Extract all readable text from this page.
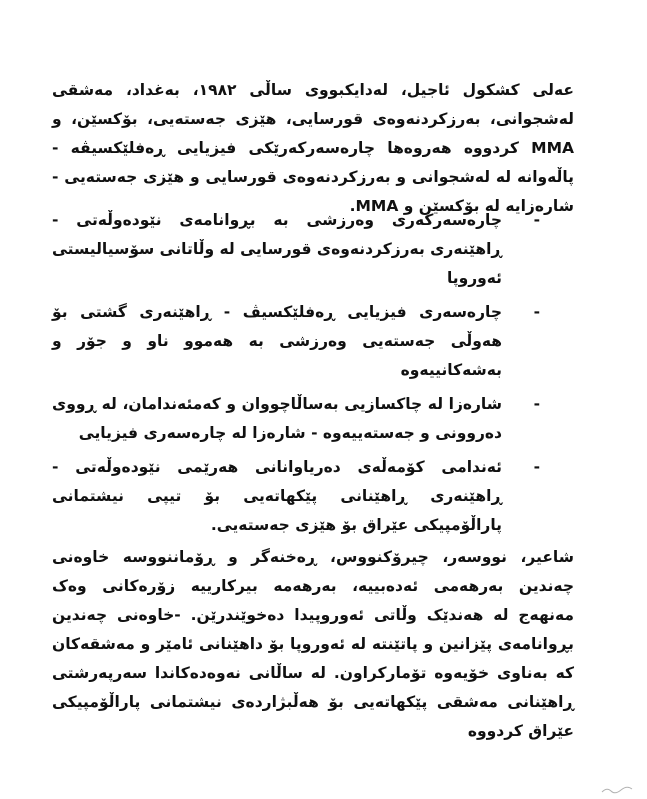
عەلی کشکول ئاجیل، لەدایکبووی ساڵی ١٩٨٢، بەغداد، مەشقی لەشجوانی، بەرزکردنەوەی قورسایی، هێزی جەستەیی، بۆکسێن، و MMA کردووە هەروەها چارەسەرکەرێکی فیزیایی ڕەفلێکسیڤە - پاڵەوانە لە لەشجوانی و بەرزکردنەوەی قورسایی و هێزی جەستەیی - شارەزایە لە بۆکسێن و MMA.

-
چارەسەرکەری وەرزشی بە بڕوانامەی نێودەوڵەتی - ڕاهێنەری بەرزکردنەوەی قورسایی لە وڵاتانی سۆسیالیستی ئەوروپا
-
چارەسەری فیزیایی ڕەفلێکسیڤ - ڕاهێنەری گشتی بۆ هەوڵی جەستەیی وەرزشی بە هەموو ناو و جۆر و بەشەکانییەوە
-
شارەزا لە چاکسازیی بەساڵاچووان و کەمئەندامان، لە ڕووی دەروونی و جەستەییەوە - شارەزا لە چارەسەری فیزیایی
-
ئەندامی کۆمەڵەی دەریاوانانی هەرێمی نێودەوڵەتی - ڕاهێنەری ڕاهێنانی پێکهاتەیی بۆ تیپی نیشتمانی پاراڵۆمپیکی عێراق بۆ هێزی جەستەیی.

شاعیر، نووسەر، چیرۆکنووس، ڕەخنەگر و ڕۆماننووسە خاوەنی چەندین بەرهەمی ئەدەبییە، بەرهەمە بیرکارییە زۆرەکانی وەک مەنهەج لە هەندێک وڵاتی ئەوروپیدا دەخوێندرێن. -خاوەنی چەندین بڕوانامەی پێزانین و پاتێنتە لە ئەوروپا بۆ داهێنانی ئامێر و مەشقەکان کە بەناوی خۆیەوە تۆمارکراون. لە ساڵانی نەوەدەکاندا سەرپەرشتی ڕاهێنانی مەشقی پێکهاتەیی بۆ هەڵبژاردەی نیشتمانی پاراڵۆمپیکی عێراق کردووە
